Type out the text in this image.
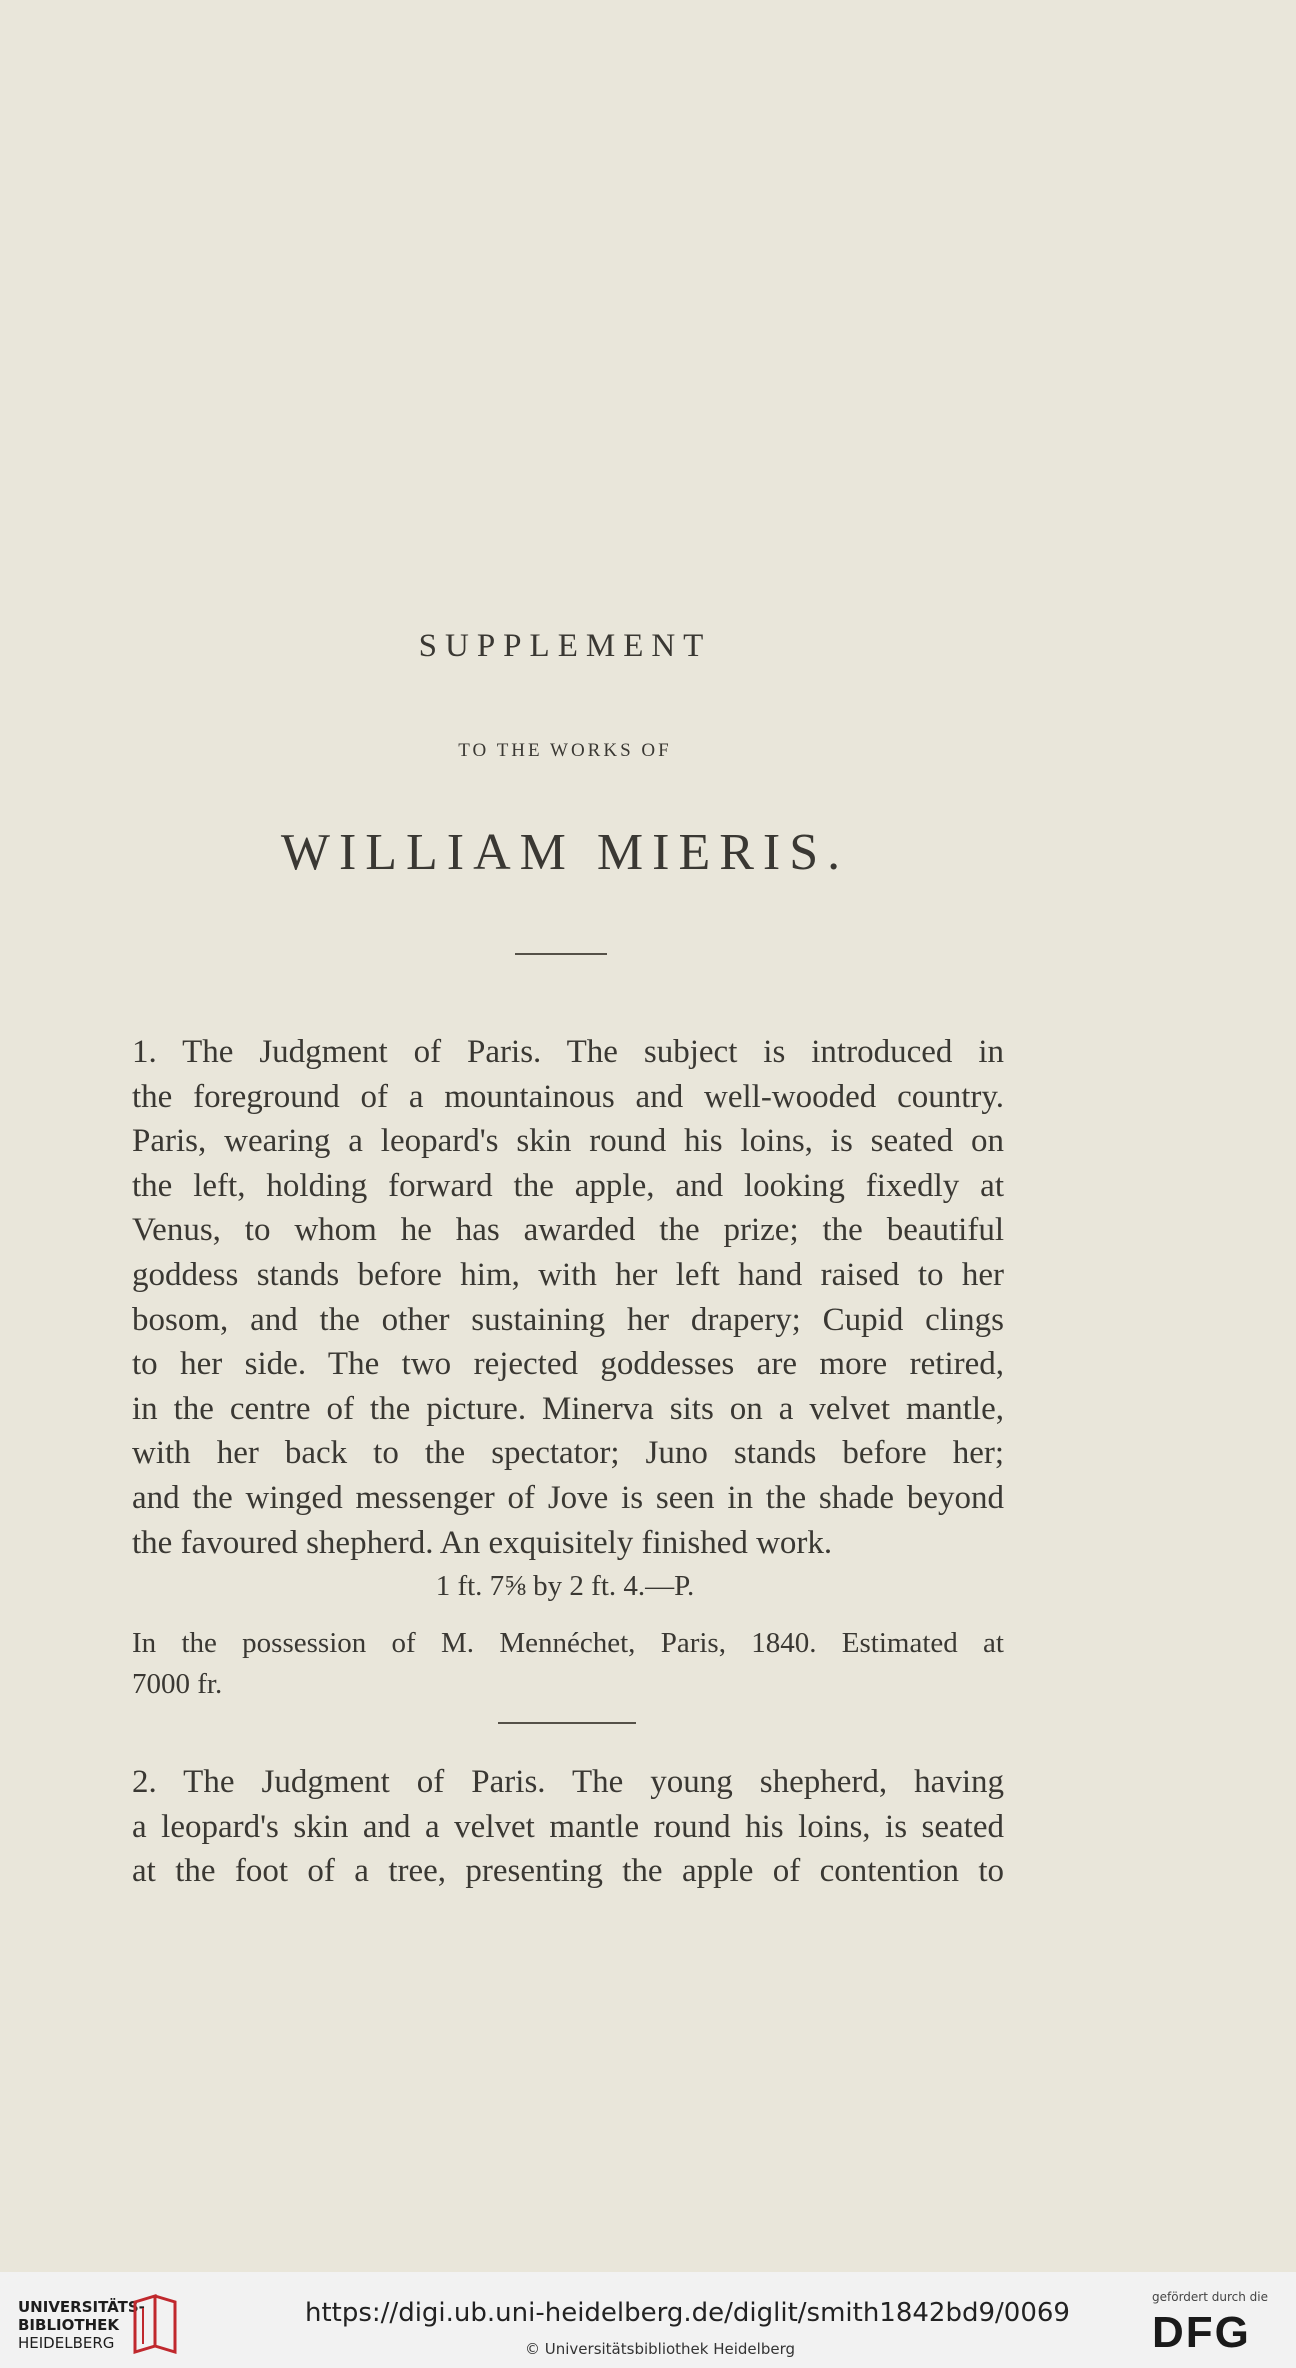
SUPPLEMENT
TO THE WORKS OF
WILLIAM MIERIS.
1. The Judgment of Paris. The subject is introduced in
the foreground of a mountainous and well-wooded country.
Paris, wearing a leopard's skin round his loins, is seated on
the left, holding forward the apple, and looking fixedly at
Venus, to whom he has awarded the prize; the beautiful
goddess stands before him, with her left hand raised to her
bosom, and the other sustaining her drapery; Cupid clings
to her side. The two rejected goddesses are more retired,
in the centre of the picture. Minerva sits on a velvet mantle,
with her back to the spectator; Juno stands before her;
and the winged messenger of Jove is seen in the shade beyond
the favoured shepherd. An exquisitely finished work.
1 ft. 7⅝ by 2 ft. 4.—P.
In the possession of M. Mennéchet, Paris, 1840. Estimated at
7000 fr.
2. The Judgment of Paris. The young shepherd, having
a leopard's skin and a velvet mantle round his loins, is seated
at the foot of a tree, presenting the apple of contention to
UNIVERSITÄTS-
BIBLIOTHEK
HEIDELBERG
https://digi.ub.uni-heidelberg.de/diglit/smith1842bd9/0069
© Universitätsbibliothek Heidelberg
gefördert durch die
DFG
